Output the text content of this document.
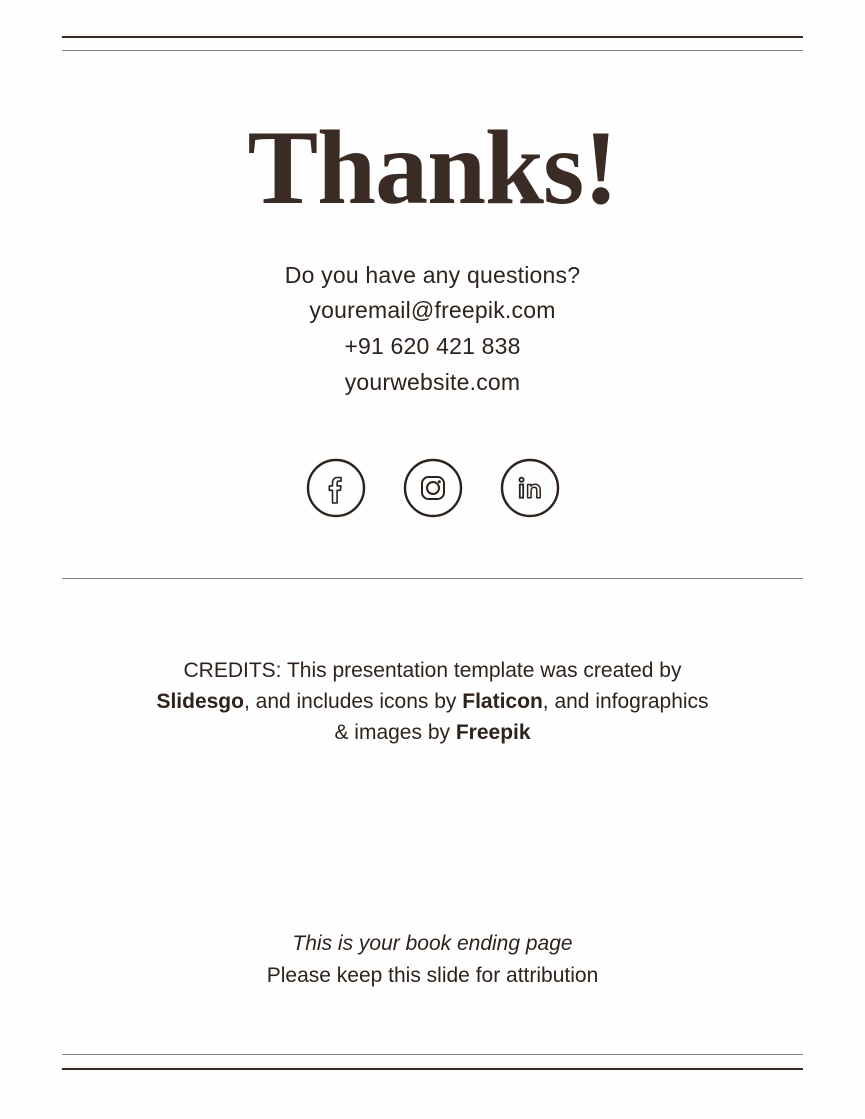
Thanks!
Do you have any questions?
youremail@freepik.com
+91 620 421 838
yourwebsite.com
CREDITS: This presentation template was created by Slidesgo, and includes icons by Flaticon, and infographics & images by Freepik
This is your book ending page
Please keep this slide for attribution
